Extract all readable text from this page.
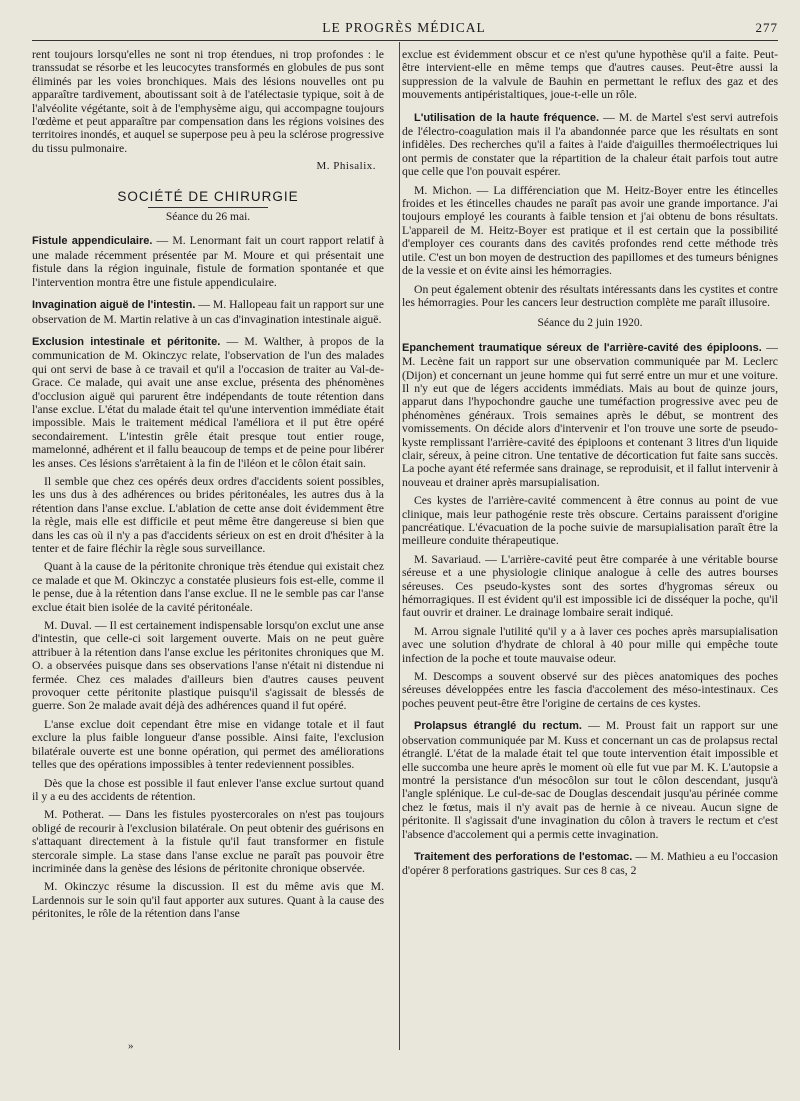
LE PROGRÈS MÉDICAL	277

rent toujours lorsqu'elles ne sont ni trop étendues, ni trop profondes : le transsudat se résorbe et les leucocytes transformés en globules de pus sont éliminés par les voies bronchiques. Mais des lésions nouvelles ont pu apparaître tardivement, aboutissant soit à de l'atélectasie typique, soit à de l'alvéolite végétante, soit à de l'emphysème aigu, qui accompagne toujours l'œdème et peut apparaître par compensation dans les régions voisines des territoires inondés, et auquel se superpose peu à peu la sclérose progressive du tissu pulmonaire.

M. Phisalix.
SOCIÉTÉ DE CHIRURGIE
Séance du 26 mai.

Fistule appendiculaire. — M. Lenormant fait un court rapport relatif à une malade récemment présentée par M. Moure et qui présentait une fistule dans la région inguinale, fistule de formation spontanée et que l'intervention montra être une fistule appendiculaire.

Invagination aiguë de l'intestin. — M. Hallopeau fait un rapport sur une observation de M. Martin relative à un cas d'invagination intestinale aiguë.

Exclusion intestinale et péritonite. — M. Walther, à propos de la communication de M. Okinczyc relate, l'observation de l'un des malades qui ont servi de base à ce travail et qu'il a l'occasion de traiter au Val-de-Grace. Ce malade, qui avait une anse exclue, présenta des phénomènes d'occlusion aiguë qui parurent être indépendants de toute rétention dans l'anse exclue. L'état du malade était tel qu'une intervention immédiate était impossible. Mais le traitement médical l'améliora et il put être opéré secondairement. L'intestin grêle était presque tout entier rouge, mamelonné, adhérent et il fallu beaucoup de temps et de peine pour libérer les anses. Ces lésions s'arrêtaient à la fin de l'iléon et le côlon était sain.

Il semble que chez ces opérés deux ordres d'accidents soient possibles, les uns dus à des adhérences ou brides péritonéales, les autres dus à la rétention dans l'anse exclue. L'ablation de cette anse doit évidemment être la règle, mais elle est difficile et peut même être dangereuse si bien que dans les cas où il n'y a pas d'accidents sérieux on est en droit d'hésiter à la tenter et de faire fléchir la règle sous surveillance.

Quant à la cause de la péritonite chronique très étendue qui existait chez ce malade et que M. Okinczyc a constatée plusieurs fois est-elle, comme il le pense, due à la rétention dans l'anse exclue. Il ne le semble pas car l'anse exclue était bien isolée de la cavité péritonéale.

M. Duval. — Il est certainement indispensable lorsqu'on exclut une anse d'intestin, que celle-ci soit largement ouverte. Mais on ne peut guère attribuer à la rétention dans l'anse exclue les péritonites chroniques que M. O. a observées puisque dans ses observations l'anse n'était ni distendue ni fermée. Chez ces malades d'ailleurs bien d'autres causes peuvent provoquer cette péritonite plastique puisqu'il s'agissait de blessés de guerre. Son 2e malade avait déjà des adhérences quand il fut opéré.

L'anse exclue doit cependant être mise en vidange totale et il faut exclure la plus faible longueur d'anse possible. Ainsi faite, l'exclusion bilatérale ouverte est une bonne opération, qui permet des améliorations telles que des opérations impossibles à tenter redeviennent possibles.

Dès que la chose est possible il faut enlever l'anse exclue surtout quand il y a eu des accidents de rétention.

M. Potherat. — Dans les fistules pyostercorales on n'est pas toujours obligé de recourir à l'exclusion bilatérale. On peut obtenir des guérisons en s'attaquant directement à la fistule qu'il faut transformer en fistule stercorale simple. La stase dans l'anse exclue ne paraît pas pouvoir être incriminée dans la genèse des lésions de péritonite chronique observée.

M. Okinczyc résume la discussion. Il est du même avis que M. Lardennois sur le soin qu'il faut apporter aux sutures. Quant à la cause des péritonites, le rôle de la rétention dans l'anse

exclue est évidemment obscur et ce n'est qu'une hypothèse qu'il a faite. Peut-être intervient-elle en même temps que d'autres causes. Peut-être aussi la suppression de la valvule de Bauhin en permettant le reflux des gaz et des mouvements antipéristaltiques, joue-t-elle un rôle.

L'utilisation de la haute fréquence. — M. de Martel s'est servi autrefois de l'électro-coagulation mais il l'a abandonnée parce que les résultats en sont infidèles. Des recherches qu'il a faites à l'aide d'aiguilles thermoélectriques lui ont permis de constater que la répartition de la chaleur était parfois tout autre que celle que l'on pouvait espérer.

M. Michon. — La différenciation que M. Heitz-Boyer entre les étincelles froides et les étincelles chaudes ne paraît pas avoir une grande importance. J'ai toujours employé les courants à faible tension et j'ai obtenu de bons résultats. L'appareil de M. Heitz-Boyer est pratique et il est certain que la possibilité d'employer ces courants dans des cavités profondes rend cette méthode très utile. C'est un bon moyen de destruction des papillomes et des tumeurs bénignes de la vessie et on évite ainsi les hémorragies.

On peut également obtenir des résultats intéressants dans les cystites et contre les hémorragies. Pour les cancers leur destruction complète me paraît illusoire.

Séance du 2 juin 1920.

Epanchement traumatique séreux de l'arrière-cavité des épiploons. — M. Lecène fait un rapport sur une observation communiquée par M. Leclerc (Dijon) et concernant un jeune homme qui fut serré entre un mur et une voiture. Il n'y eut que de légers accidents immédiats. Mais au bout de quinze jours, apparut dans l'hypochondre gauche une tuméfaction progressive avec peu de phénomènes généraux. Trois semaines après le début, se montrent des vomissements. On décide alors d'intervenir et l'on trouve une sorte de pseudo-kyste remplissant l'arrière-cavité des épiploons et contenant 3 litres d'un liquide clair, séreux, à peine citron. Une tentative de décortication fut faite sans succès. La poche ayant été refermée sans drainage, se reproduisit, et il fallut intervenir à nouveau et drainer après marsupialisation.

Ces kystes de l'arrière-cavité commencent à être connus au point de vue clinique, mais leur pathogénie reste très obscure. Certains paraissent d'origine pancréatique. L'évacuation de la poche suivie de marsupialisation paraît être la meilleure conduite thérapeutique.

M. Savariaud. — L'arrière-cavité peut être comparée à une véritable bourse séreuse et a une physiologie clinique analogue à celle des autres bourses séreuses. Ces pseudo-kystes sont des sortes d'hygromas séreux ou hémorragiques. Il est évident qu'il est impossible ici de disséquer la poche, qu'il faut ouvrir et drainer. Le drainage lombaire serait indiqué.

M. Arrou signale l'utilité qu'il y a à laver ces poches après marsupialisation avec une solution d'hydrate de chloral à 40 pour mille qui empêche toute infection de la poche et toute mauvaise odeur.

M. Descomps a souvent observé sur des pièces anatomiques des poches séreuses développées entre les fascia d'accolement des méso-intestinaux. Ces poches peuvent peut-être être l'origine de certains de ces kystes.

Prolapsus étranglé du rectum. — M. Proust fait un rapport sur une observation communiquée par M. Kuss et concernant un cas de prolapsus rectal étranglé. L'état de la malade était tel que toute intervention était impossible et elle succomba une heure après le moment où elle fut vue par M. K. L'autopsie a montré la persistance d'un mésocôlon sur tout le côlon descendant, jusqu'à l'angle splénique. Le cul-de-sac de Douglas descendait jusqu'au périnée comme chez le fœtus, mais il n'y avait pas de hernie à ce niveau. Aucun signe de péritonite. Il s'agissait d'une invagination du côlon à travers le rectum et c'est l'absence d'accolement qui a permis cette invagination.

Traitement des perforations de l'estomac. — M. Mathieu a eu l'occasion d'opérer 8 perforations gastriques. Sur ces 8 cas, 2

»
